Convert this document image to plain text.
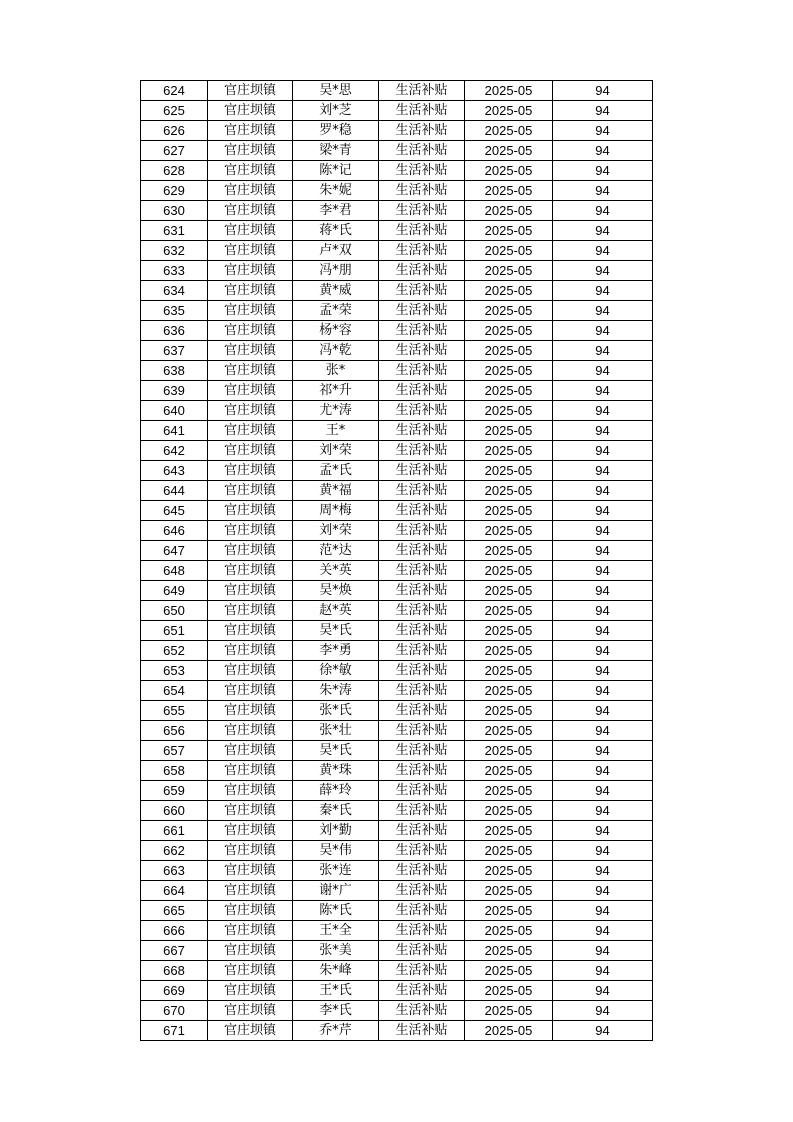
624	官庄坝镇	吴*思	生活补贴	2025-05	94
625	官庄坝镇	刘*芝	生活补贴	2025-05	94
626	官庄坝镇	罗*稳	生活补贴	2025-05	94
627	官庄坝镇	梁*青	生活补贴	2025-05	94
628	官庄坝镇	陈*记	生活补贴	2025-05	94
629	官庄坝镇	朱*妮	生活补贴	2025-05	94
630	官庄坝镇	李*君	生活补贴	2025-05	94
631	官庄坝镇	蒋*氏	生活补贴	2025-05	94
632	官庄坝镇	卢*双	生活补贴	2025-05	94
633	官庄坝镇	冯*朋	生活补贴	2025-05	94
634	官庄坝镇	黄*威	生活补贴	2025-05	94
635	官庄坝镇	孟*荣	生活补贴	2025-05	94
636	官庄坝镇	杨*容	生活补贴	2025-05	94
637	官庄坝镇	冯*乾	生活补贴	2025-05	94
638	官庄坝镇	张*	生活补贴	2025-05	94
639	官庄坝镇	祁*升	生活补贴	2025-05	94
640	官庄坝镇	尤*涛	生活补贴	2025-05	94
641	官庄坝镇	王*	生活补贴	2025-05	94
642	官庄坝镇	刘*荣	生活补贴	2025-05	94
643	官庄坝镇	孟*氏	生活补贴	2025-05	94
644	官庄坝镇	黄*福	生活补贴	2025-05	94
645	官庄坝镇	周*梅	生活补贴	2025-05	94
646	官庄坝镇	刘*荣	生活补贴	2025-05	94
647	官庄坝镇	范*达	生活补贴	2025-05	94
648	官庄坝镇	关*英	生活补贴	2025-05	94
649	官庄坝镇	吴*焕	生活补贴	2025-05	94
650	官庄坝镇	赵*英	生活补贴	2025-05	94
651	官庄坝镇	吴*氏	生活补贴	2025-05	94
652	官庄坝镇	李*勇	生活补贴	2025-05	94
653	官庄坝镇	徐*敏	生活补贴	2025-05	94
654	官庄坝镇	朱*涛	生活补贴	2025-05	94
655	官庄坝镇	张*氏	生活补贴	2025-05	94
656	官庄坝镇	张*壮	生活补贴	2025-05	94
657	官庄坝镇	吴*氏	生活补贴	2025-05	94
658	官庄坝镇	黄*珠	生活补贴	2025-05	94
659	官庄坝镇	薛*玲	生活补贴	2025-05	94
660	官庄坝镇	秦*氏	生活补贴	2025-05	94
661	官庄坝镇	刘*勤	生活补贴	2025-05	94
662	官庄坝镇	吴*伟	生活补贴	2025-05	94
663	官庄坝镇	张*连	生活补贴	2025-05	94
664	官庄坝镇	谢*广	生活补贴	2025-05	94
665	官庄坝镇	陈*氏	生活补贴	2025-05	94
666	官庄坝镇	王*全	生活补贴	2025-05	94
667	官庄坝镇	张*美	生活补贴	2025-05	94
668	官庄坝镇	朱*峰	生活补贴	2025-05	94
669	官庄坝镇	王*氏	生活补贴	2025-05	94
670	官庄坝镇	李*氏	生活补贴	2025-05	94
671	官庄坝镇	乔*芹	生活补贴	2025-05	94
